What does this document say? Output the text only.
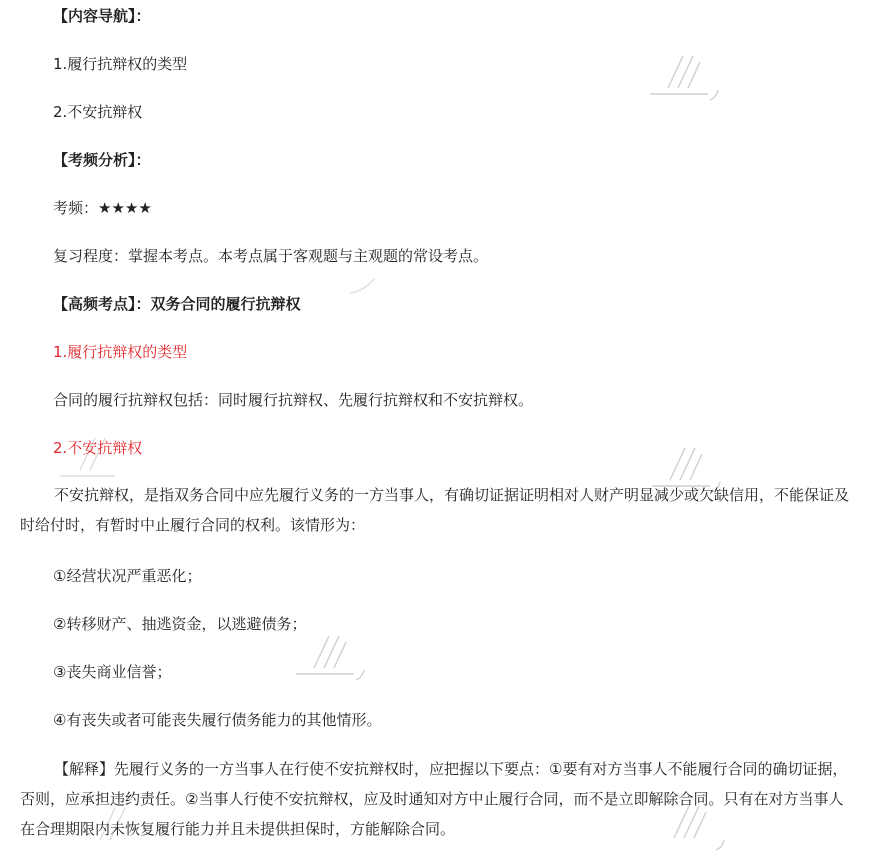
【内容导航】：
1.履行抗辩权的类型
2.不安抗辩权
【考频分析】：
考频：★★★★
复习程度：掌握本考点。本考点属于客观题与主观题的常设考点。
【高频考点】：双务合同的履行抗辩权
1.履行抗辩权的类型
合同的履行抗辩权包括：同时履行抗辩权、先履行抗辩权和不安抗辩权。
2.不安抗辩权
不安抗辩权，是指双务合同中应先履行义务的一方当事人，有确切证据证明相对人财产明显减少或欠缺信用，不能保证及时给付时，有暂时中止履行合同的权利。该情形为：
①经营状况严重恶化；
②转移财产、抽逃资金，以逃避债务；
③丧失商业信誉；
④有丧失或者可能丧失履行债务能力的其他情形。
【解释】先履行义务的一方当事人在行使不安抗辩权时，应把握以下要点：①要有对方当事人不能履行合同的确切证据，否则，应承担违约责任。②当事人行使不安抗辩权，应及时通知对方中止履行合同，而不是立即解除合同。只有在对方当事人在合理期限内未恢复履行能力并且未提供担保时，方能解除合同。
